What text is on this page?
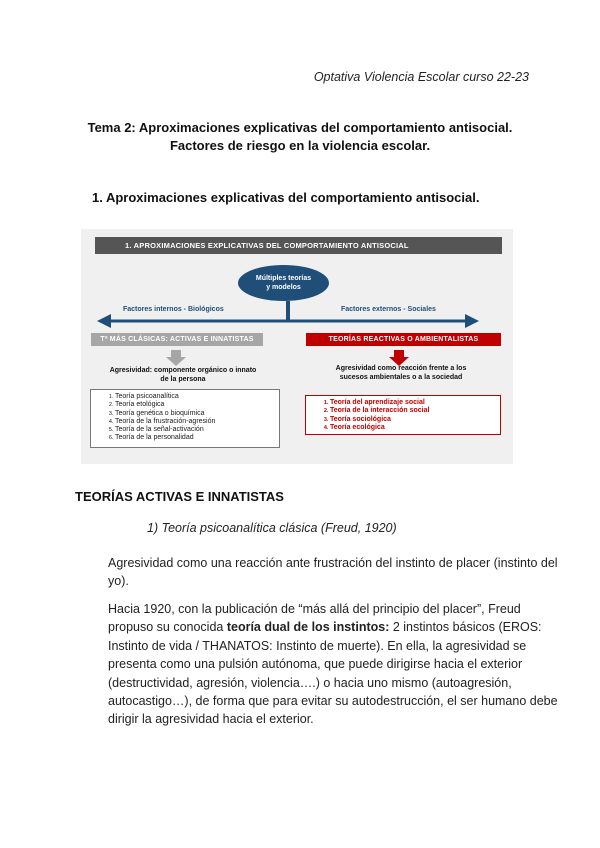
Optativa Violencia Escolar curso 22-23
Tema 2: Aproximaciones explicativas del comportamiento antisocial.
Factores de riesgo en la violencia escolar.
1. Aproximaciones explicativas del comportamiento antisocial.
1. APROXIMACIONES EXPLICATIVAS DEL COMPORTAMIENTO ANTISOCIAL
Múltiples teorías
y modelos
Factores internos - Biológicos	Factores externos - Sociales
Tª MÁS CLÁSICAS: ACTIVAS E INNATISTAS	TEORÍAS REACTIVAS O AMBIENTALISTAS
Agresividad: componente orgánico o innato
de la persona
Agresividad como reacción frente a los
sucesos ambientales o a la sociedad
1. Teoría psicoanalítica
2. Teoría etológica
3. Teoría genética o bioquímica
4. Teoría de la frustración-agresión
5. Teoría de la señal-activación
6. Teoría de la personalidad
1. Teoría del aprendizaje social
2. Teoría de la interacción social
3. Teoría sociológica
4. Teoría ecológica
TEORÍAS ACTIVAS E INNATISTAS
1) Teoría psicoanalítica clásica (Freud, 1920)

Agresividad como una reacción ante frustración del instinto de placer (instinto del yo).

Hacia 1920, con la publicación de “más allá del principio del placer”, Freud propuso su conocida teoría dual de los instintos: 2 instintos básicos (EROS: Instinto de vida / THANATOS: Instinto de muerte). En ella, la agresividad se presenta como una pulsión autónoma, que puede dirigirse hacia el exterior (destructividad, agresión, violencia….) o hacia uno mismo (autoagresión, autocastigo…), de forma que para evitar su autodestrucción, el ser humano debe dirigir la agresividad hacia el exterior.
